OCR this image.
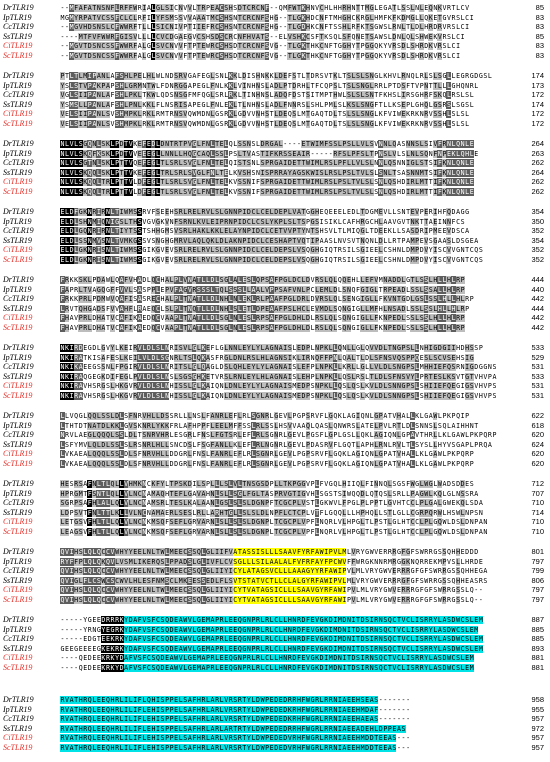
DrTLR19	--MFAFATNSNFLRFFWRIALGLSICNVVLTRPEACSHSDTCRCNF--QMFWTKHNVCHLHHRHNTTMGLEGATLSSLNLEQNKVRTLCV	85
IpTLR19	MGMYRPATVCSSFCLCLRFILYFSMSSVVAAATMCSHSNTCRCNFSHG--TLGKHDCNFTMHGHCKRGLHMFKFKDMGLLQKETGVRSLCI	83
CcTLR19	--MGVHDSNSLCFWWRFTLLLSICNIVPTIIEFRCSHSNTCRCNFSHG--TLGDHKCNFTSSHLRFKTSGWSLRNLTLDLHRDRVRSLCI	83
SsTLR19	----MTFVFWWRFGISVLLLLCVCDGAEGVCSHSDSCRCNFHVATS--ELVSHKCSFTKSQLSFQNETSAWSLDNLQLSHWEKVRSLCI	85
CiTLR19	--MGVTDSNCSSFWWRFALGLSVCNVVFTPTEWRCSHSDTCRCNFSVG--TLGKTHKCNFTGGHYTPGGQKYVRSDLSHRDKVRSLCI	83
ScTLR19	--MGVTDSNCSSFWWRFALGLSVCNVVFTPTEWRCSHSDTCRCNFSVG--TLGKTHKCNFTGGHYTPGGQKYVRSDLSHRDKVRSLCI	83
DrTLR19	PTLTLMIPANLAFSHLPELHLWLNDSRVGAFEGLSNLKKLDISHNKKLDEFSTLTDRSVTKLTSLSLSNGLKHVLRNQLRLSLSGLLEGRGDGSL	174
IpTLR19	YSLSTVPAKPAPSHLGRMNTWLFDNRGGAPEGLFNLKKLVINHNSLADLPTDRHLTFCQPSLTSLSNGLRRLPTDSFTVPNTTLLLGHQNRL	173
CcTLR19	VGLSIIPANLAFSHLPKLTKWLQDSNSGFMFQGLSRLRKLTINHNSLADQFDSTSITMPTHWLSLSLSNTFKHSLIRSGHRFSKQLRSLSL	172
SsTLR19	YSMSLLPANLAFSHLPNLKKLFLNSRISAPEGLFNLEKLTLNHNSLADLFNNRSLSHLPMLSLKSLSNGFTLLKSEPLGHQLGSRSLSGSL	174
CiTLR19	VELSIIPANLSVSHMPKLRKLRMTRNSVQWMDNLGSRKLGDVVNHSTLDEQSLMTGAQTDLTSLSLSNGLKFVIWEKRKNRVSSHLSLSL	172
ScTLR19	VELSIIPANLSVSHMPKLRKLRMTRNSVQWMDNLGSRKLGDVVNHSTLDEQSLMTGAQTDLTSLSLSNGLKFVIWEKRKNRVSSHLSLSL	172
DrTLR19	NLVLSGQNLSKLPDTVKEFEDLDNTRTPVGLFNLTELQLSSNSLDRGAL----ETWIMFSSLPSLLVLSVNNLQASNNSLSIVFRNLQNLE	264
IpTLR19	NLVLSKQFKSKLPDTVVEEEGLLNNLLHQGCAQLSSLPSLTVASTIFKRSSEAIR-----RFSLPFSLTPNSLVLSLNLSQNFNPEKLQHLE	263
CcTLR19	NLVLSGTNLSKLPTTVQEFEGLTLSRLSVGLFNLTELQISTSNLSPRGAIDETTWIMLRSLPFLLVLSLNNLQSNNIGLSTSIFKNLQNLE	262
SsTLR19	NLVLSKQQLSKLPTTVKEFEGLTRLSRLSVGLFNLTELKVSHSNISPRRAYAGSKWISLRSLPSLTVLSLSNLTSASNNMTSIFKNLQNLE	264
CiTLR19	NLVLSKQQLTRLPTTVLDFEGLTLSRLSVGLFNLTELKVSSNIFSPRGAIDETTWIMLRSLPSLTVLSLSNLQSHDIRLMTTIFKNLQNLE	262
ScTLR19	NLVLSKQQLTRLPTTVLDFEGLTLSRLSVGLFNLTELKVSSNIFSPRGAIDETTWIMLRSLPSLTVLSLSNLQSHDIRLMTTIFKNLQNLE	262
DrTLR19	ELDFGKNRIRNLTIWMSSRVFSEEHSRLRELRVLSLGNNPIDCLCELDEPLVATGGHEQEEELEDLTDGMEVLLSNTEVPERIHFQDAGG	354
IpTLR19	ELDLSHNMIQNIGSLTHSVGVGKVNFSRNLKVLEIPRNPIDCLCSLYKPLSLTSPGSISIKLCAFHRGCHLAAVGVTNKTTAEINNFCS	350
CcTLR19	ELDLGQNRIRNLTIYTSSTSHHGMSVSRLHAKLKKLELAYNPIDCLCETVVPTYNTSHSVLTLMIQGLTDEEKLLSASDRIPMEEVDSCA	352
SsTLR19	ELDLSSNMVSNLTVMKGSSVSNGHGMRVLAQLQKLDLAKNPIDCLCESHAPTVQTIPAASLNVSVTNQNLDLLRTPAMPEVSGAASLDSGEA	354
CiTLR19	ELDLGKNRISNLTIWMSSGIKGVEVSRLRELRVLSLGNNPIDCLCELDEPSLVSQGHGIQTRSILSGIEELCSHNLDMPDVYISCVVGNTCQS	352
ScTLR19	ELDLGKNRISNLTIWMSSGIKGVEVSRLRELRVLSLGNNPIDCLCELDEPSLVSQGHGIQTRSILSGIEELCSHNLDMPDVYISCVVGNTCQS	352
DrTLR19	FRKKSKLPDAWLQAFVHADLQCHALPLVNATLLDLSGLALESLQPSAFPGLDCLDVRSLQLQQEHLLEFVMNADDLGTLSSLHLLHLRP	444
IpTLR19	FAPRLTVAGQGFFVVLSASPPLEPVFAGVRSSSLTQLSSSLLAALVPPSAFVNLPCLEMLDLSNQFGIGLTRPEADLSSLSSALLHLRP	440
CcTLR19	FRKKPRLPDMWVQAFISASRECHALPLTNATLLDLNHLNLEKLRLPAAFPGLDRLDVRSLQLSENGIGLLFKVNTGDLGSLSSLHLLHLRP	442
SsTLR19	LRVTQHGADSFVVAHFLRAEQCLSLPLTNQTLLDLNHLSLETLDPEAAFPSLHCLEVMDLSQNGIGLLMFHLNSADLSSLSSLHLLHLRP	444
CiTLR19	FHAVPRLDHATVCAFIKAEDQCVAAPLTNATLLDLSGLNLESLRPSAFPGLDHLDLRSLQLSQNGIGLLFKNPEDLSSLSSLHLLHLRP	442
ScTLR19	FHAVPRLDHATVCAFIKAEDQCVAAPLTNATLLDLSGLNLESLRPSAFPGLDHLDLRSLQLSQNGIGLLFKNPEDLSSLSSLHLLHLRP	442
DrTLR19	NKIRDEGDLGVYLKEIRVLDLSLNRISVLGLKEFLGLNNLEYLYLAGNAISLEDPLNPKLLQNLLGLQVVDLTNGPSLLNHIGDGIIHDHSSP	533
IpTLR19	NKIRATKISAFESLKEILVLDLSGNRLTSLQKASFRGLDNLRSLHLAGNSIKLIRNQFFPNLQALTLDLSFNSVQSPPQESLSCVSEHSIG	529
CcTLR19	NKIKAEEGSSNLFPGIRVLDLSLNRITSLGLQAGLDSLQHLEYLYLAGNAISLEFPLNPKLLKRLLGLLVLDLSNGPSLMHHIEFQSRNIGDGGNS	531
SsTLR19	NKIRAQGEGKDIFEGLPVLDLSLNSLSGSGHKETVRSLRNLEYLHLAGNAISLEHPLNPKLLQSLRSLTLDLSFNSVYLPRTESLKSVTGTVHVPA	533
CiTLR19	NKIRAVHSRGSLHKGVRVLDLSLNHISSLGLKAIQNLDNLEYLYLAGNAISMEDPSNPKLLQSLQSLKVLDLSNNGPSLSHIIEFQEGIGSVHVPS	531
ScTLR19	NKIRAVHSRGSLHKGVRVLDLSLNHISSLGLKAIQNLDNLEYLYLAGNAISMEDPSNPKLLQSLQSLKVLDLSNNGPSLSHIIEFQEGIGSVHVPS	531
DrTLR19	LLVQGLQQLSSLDLSFNRVHLLDSSRLLLNSLFANRLEFLRLSGNRLGEVLPGPSRVFLGQKLAGIQNLGPATVHALLKLGAWLPKPQIP	622
IpTLR19	LTHTDTNATDLKKLGVSKNRLYKKFRLAFHPPFLEELMFFSSLRLSSLHSVVAAQLQASLQNWRSLATELPVLRTLDLSNNSLSQLAIHHNT	618
CcTLR19	NRVLAEGLQQQLSSLDLTSNRVHRLESGRLFNSLFGTSRLEFLRLSGNRLGEVLPGSFLGPLGSLLQKLAGIQNLGPAVTHRLLKLGAWLPKPQRP	620
SsTLR19	LSFYMVLQLDLSSLSLRSNRLHLLSNCDSLFSGFANLLKLEFLRLNGNRLGEVLPDASRVFLGQTLAPHLRNLRVLTLSYSLLHYVSGAPLPRQA	624
CiTLR19	LVKAEALQQQLSSLDLSFNRVHLLDDGRLFNSLFANRLEFLRLSGNRLGEVLPGPSRVFLGQKLAGIQNLGPATVHALLKLGAWLPKPQRP	620
ScTLR19	LVKAEALQQQLSSLDLSFNRVHLLDDGRLFNSLFANRLEFLRLSGNRLGEVLPGPSRVFLGQKLAGIQNLGPATVHALLKLGAWLPKPQRP	620
DrTLR19	HESRSAFNLTLQLLVHMKNCKFYLTPSKDILSPLLLSLVLTNSGSDPLLTKPGGVPLFVGQLHIIQLFINNQLSGSFWGLWGLWADSDDES	712
IpTLR19	HPRGMTFSNTLQLLVLNCNAMAQHTEFLGAVAHNLSLLSGLFGLTASPRVGTIGVHLSGSTSIWQQDLQTQSLSRLLPAGWLKQLGLNSSRA	707
CcTLR19	SGRPSAFHLALLQLVLNCNAMSRLTESLKALAANLGSLSLSLDGNPFTCGCPLVSTLGKWVLFPGLPLPPTLGVHTCCLPLGALGWEKQLSDA	710
SsTLR19	LDPSVTFNLTTLKLLVLNCNAMAERLSESLRLLARHTGLLSLSLDLNPFLCTCPLVTFLGQQLLLHPHQLLSTLGLLCGRPQRWLHSWLNPSN	714
CiTLR19	LETGSVFHLTLLQLVLNCNKMSQFSEFLGRVARNLSLLSLSLDGNPLTCGCPLVPFLNQRLVLHPGLTLPSTLGLHTCCLPLGQWLDSLDNPAN	710
ScTLR19	LEAGSVFHLTLLQLVLNCNKMSQFSEFLGRVARNLSLLSLSLDGNPLTCGCPLVPFLNQRLVLHPGLTLPSTLGLHTCCLPLGQWLDSLDNPAN	710
DrTLR19	QVIHSLQLQCCVWHYYEELNLTWLMEECSSQLGLIIFVATASSISLLLSAAVFYRFAWIPVLMLVRYGWVERRRGFGFSWRRGSSQHHEDDD	801
IpTLR19	RYFFPLQLQKQVLVSMLIKERQSLPPADSLGLIVFLCVSGLLLSILAALALFVFRFAYFPCWVFFWRGKNNRMRGGKNQRREKMPVSLLHRDE	797
CcTLR19	QVIHSLQLQCCVWHYYEELNLTWLMEECSSQLGLIIYICYLATAGSVCLLLAAAGYYRFAWIPVLMLVRYGWVERRRGFGFSWRRGSSQHHEGA	799
SsTLR19	QVIGLFLCSWCSCWVLHLESFNMSCLMKEESSEDLFLSVTSTATVCTLLCLALGYRFAWIPVLMLVRYGWVERRRGFGFSWRRGSSQHHEASRS	806
CiTLR19	QVIHSLQLQCCVWHYYEELNLTWLMEECSSQLGLIIYICYTVATAGSICLLLSAAVGYRFAWIPVLMLVRYGWVERRRGFGFSWRRGSSLQ--	797
ScTLR19	QVIHSLQLQCCVWHYYEELNLTWLMEECSSQLGLIIYICYTVATAGSICLLLSAAVGYRFAWIPVLMLVRYGWVERRRGFGFSWRRGSSLQ--	797
DrTLR19	-----YGEEDRRRKYDAFVSFCSQDEAWVLGEMAPRLEEQGNPRLRLCLLHNRDFEVGKDIMDNITDSIRNSQCTVCLISRRYLASDWCSLEM	887
IpTLR19	-----YRNGYEGRKYDAFVSFCSQDEAWVLGEMAPRLEEQGNPRLRLCLHNRDFEVGKDIMDNITDSIRNSQCTVCLISRRYLASDWCSLEM	885
CcTLR19	-----EDGTEEKRKYDAFVSFCSQDEAWVLGEMAPRLEEQGNPRLRLCLLHNRDFEVGKDIMDNITDSIRNSQCTVCLISRRYLASDWCSLEM	885
SsTLR19	GEEGEEEEGKEKRKYDAFVSFCSQDEAWVLGEMAPRLEEQGNPRLRLCLLHNRDFEVGKDIMDNITDSIRNSQCTVCLISRRYLASDWCSLEM	893
CiTLR19	----QEDEEKRKYDAFVSFCSQDEAWVLGEMAPRLEEQGNPRLRLCLLHNRDFEVGKDIMDNITDSIRNSQCTVCLISRRYLASDWCSLEM	881
ScTLR19	----QEDEEKRKYDAFVSFCSQDEAWVLGEMAPRLEEQGNPRLRLCLLHNRDFEVGKDIMDNITDSIRNSQCTVCLISRRYLASDWCSLEM	881
DrTLR19	RVATHRQLEEQHRLILIFLQHISPPELSAFHRLARLVRSRTYLDWPEDEDRRHFWGRLRRNIAEEHSEAS-------	958
IpTLR19	RVATHRQLEEQHRLILIFLEHISPPELSAFHRLARLVRSRTYLDWPEDEDKRHFWGRLRRNIAEEHMDAF-------	955
CcTLR19	RVATHRQLEEQHRLILIFLEHISPPELSAFHRLARLVRSRTYLDWPEDEDKRHFWGRLRRNIAEEHAEAS-------	957
SsTLR19	RVATHRQLEEQHRLILIFLEHISPPELSAFHRLARLARTRTYLDWPEDEDRRHFWGRLRRNIAEEADEHLDPPEAS	972
CiTLR19	RVATHRQLEEQHRLILIFLEHISPPELSAFHRLARLVRSRTYLDWPEDEDVRHFWGRLRRNIAEEHMDDTEEAS---	957
ScTLR19	RVATHRQLEEQHRLILIFLEHISPPELSAFHRLARLVRSRTYLDWPEDEDVRHFWGRLRRNIAEEHMDDTEEAS---	957
